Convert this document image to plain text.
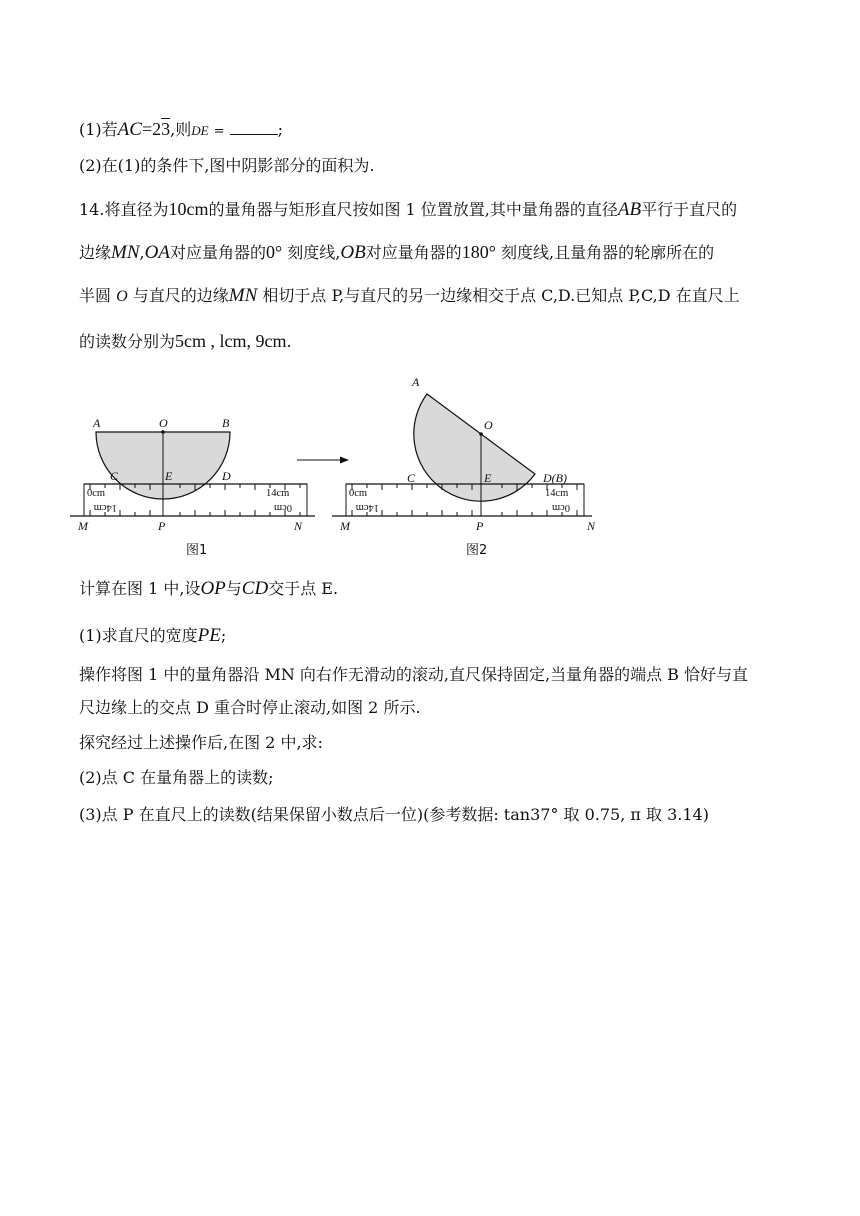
(1)若AC=23,则DE =	;
(2)在(1)的条件下,图中阴影部分的面积为.
14.将直径为10cm的量角器与矩形直尺按如图 1 位置放置,其中量角器的直径AB平行于直尺的
边缘MN,OA对应量角器的0° 刻度线,OB对应量角器的180° 刻度线,且量角器的轮廓所在的
半圆 O 与直尺的边缘MN 相切于点 P,与直尺的另一边缘相交于点 C,D.已知点 P,C,D 在直尺上
的读数分别为5cm , lcm, 9cm.
0cm	14cm
14cm	0cm
A	O	B
C	E	D
M	P	N
0cm	14cm
14cm	0cm
A
O
C	E	D(B)
M	P	N
图1	图2
计算在图 1 中,设OP与CD交于点 E.
(1)求直尺的宽度PE;
操作将图 1 中的量角器沿 MN 向右作无滑动的滚动,直尺保持固定,当量角器的端点 B 恰好与直
尺边缘上的交点 D 重合时停止滚动,如图 2 所示.
探究经过上述操作后,在图 2 中,求:
(2)点 C 在量角器上的读数;
(3)点 P 在直尺上的读数(结果保留小数点后一位)(参考数据: tan37° 取 0.75, π 取 3.14)
